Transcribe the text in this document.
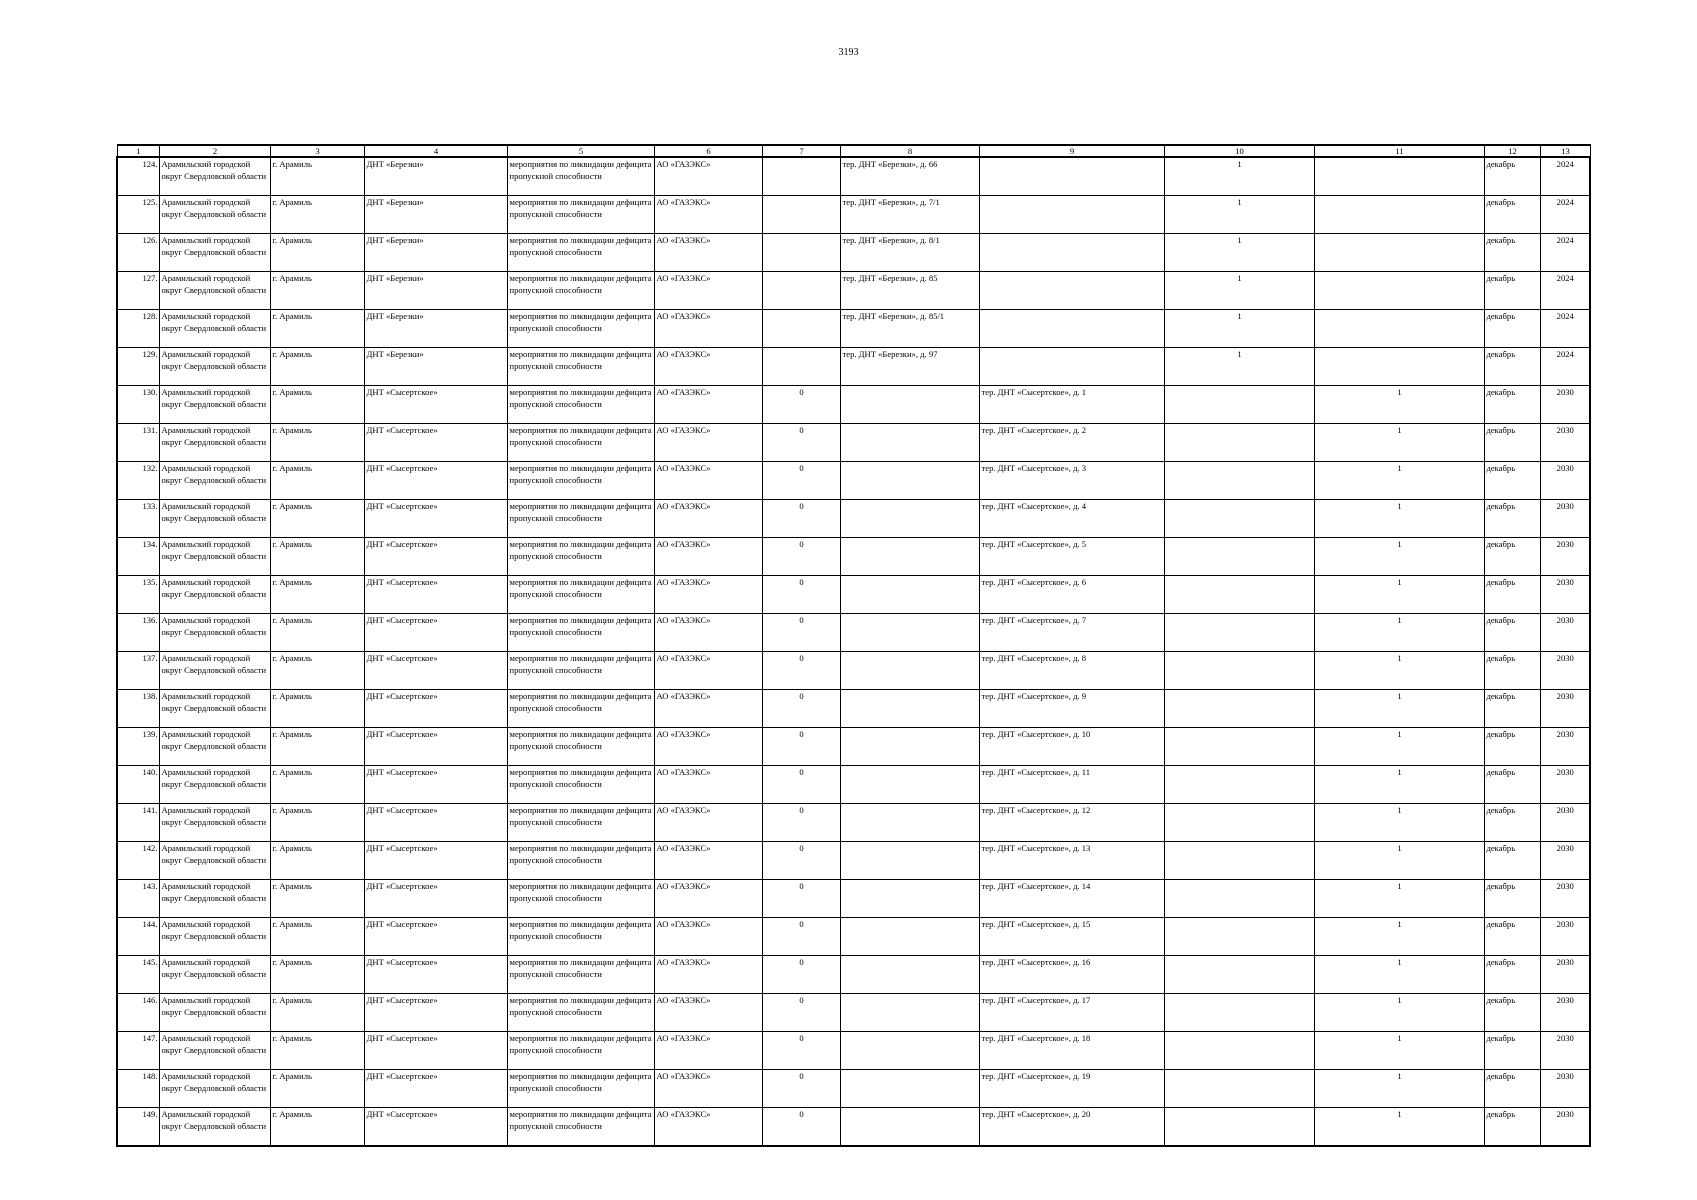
3193
1	2	3	4	5	6	7	8	9	10	11	12	13
124.	Арамильский городской округ Свердловской области	г. Арамиль	ДНТ «Березки»	мероприятия по ликвидации дефицита пропускной способности	АО «ГАЗЭКС»		тер. ДНТ «Березки», д. 66		1		декабрь	2024
125.	Арамильский городской округ Свердловской области	г. Арамиль	ДНТ «Березки»	мероприятия по ликвидации дефицита пропускной способности	АО «ГАЗЭКС»		тер. ДНТ «Березки», д. 7/1		1		декабрь	2024
126.	Арамильский городской округ Свердловской области	г. Арамиль	ДНТ «Березки»	мероприятия по ликвидации дефицита пропускной способности	АО «ГАЗЭКС»		тер. ДНТ «Березки», д. 8/1		1		декабрь	2024
127.	Арамильский городской округ Свердловской области	г. Арамиль	ДНТ «Березки»	мероприятия по ликвидации дефицита пропускной способности	АО «ГАЗЭКС»		тер. ДНТ «Березки», д. 85		1		декабрь	2024
128.	Арамильский городской округ Свердловской области	г. Арамиль	ДНТ «Березки»	мероприятия по ликвидации дефицита пропускной способности	АО «ГАЗЭКС»		тер. ДНТ «Березки», д. 85/1		1		декабрь	2024
129.	Арамильский городской округ Свердловской области	г. Арамиль	ДНТ «Березки»	мероприятия по ликвидации дефицита пропускной способности	АО «ГАЗЭКС»		тер. ДНТ «Березки», д. 97		1		декабрь	2024
130.	Арамильский городской округ Свердловской области	г. Арамиль	ДНТ «Сысертское»	мероприятия по ликвидации дефицита пропускной способности	АО «ГАЗЭКС»	0		тер. ДНТ «Сысертское», д. 1		1	декабрь	2030
131.	Арамильский городской округ Свердловской области	г. Арамиль	ДНТ «Сысертское»	мероприятия по ликвидации дефицита пропускной способности	АО «ГАЗЭКС»	0		тер. ДНТ «Сысертское», д. 2		1	декабрь	2030
132.	Арамильский городской округ Свердловской области	г. Арамиль	ДНТ «Сысертское»	мероприятия по ликвидации дефицита пропускной способности	АО «ГАЗЭКС»	0		тер. ДНТ «Сысертское», д. 3		1	декабрь	2030
133.	Арамильский городской округ Свердловской области	г. Арамиль	ДНТ «Сысертское»	мероприятия по ликвидации дефицита пропускной способности	АО «ГАЗЭКС»	0		тер. ДНТ «Сысертское», д. 4		1	декабрь	2030
134.	Арамильский городской округ Свердловской области	г. Арамиль	ДНТ «Сысертское»	мероприятия по ликвидации дефицита пропускной способности	АО «ГАЗЭКС»	0		тер. ДНТ «Сысертское», д. 5		1	декабрь	2030
135.	Арамильский городской округ Свердловской области	г. Арамиль	ДНТ «Сысертское»	мероприятия по ликвидации дефицита пропускной способности	АО «ГАЗЭКС»	0		тер. ДНТ «Сысертское», д. 6		1	декабрь	2030
136.	Арамильский городской округ Свердловской области	г. Арамиль	ДНТ «Сысертское»	мероприятия по ликвидации дефицита пропускной способности	АО «ГАЗЭКС»	0		тер. ДНТ «Сысертское», д. 7		1	декабрь	2030
137.	Арамильский городской округ Свердловской области	г. Арамиль	ДНТ «Сысертское»	мероприятия по ликвидации дефицита пропускной способности	АО «ГАЗЭКС»	0		тер. ДНТ «Сысертское», д. 8		1	декабрь	2030
138.	Арамильский городской округ Свердловской области	г. Арамиль	ДНТ «Сысертское»	мероприятия по ликвидации дефицита пропускной способности	АО «ГАЗЭКС»	0		тер. ДНТ «Сысертское», д. 9		1	декабрь	2030
139.	Арамильский городской округ Свердловской области	г. Арамиль	ДНТ «Сысертское»	мероприятия по ликвидации дефицита пропускной способности	АО «ГАЗЭКС»	0		тер. ДНТ «Сысертское», д. 10		1	декабрь	2030
140.	Арамильский городской округ Свердловской области	г. Арамиль	ДНТ «Сысертское»	мероприятия по ликвидации дефицита пропускной способности	АО «ГАЗЭКС»	0		тер. ДНТ «Сысертское», д. 11		1	декабрь	2030
141.	Арамильский городской округ Свердловской области	г. Арамиль	ДНТ «Сысертское»	мероприятия по ликвидации дефицита пропускной способности	АО «ГАЗЭКС»	0		тер. ДНТ «Сысертское», д. 12		1	декабрь	2030
142.	Арамильский городской округ Свердловской области	г. Арамиль	ДНТ «Сысертское»	мероприятия по ликвидации дефицита пропускной способности	АО «ГАЗЭКС»	0		тер. ДНТ «Сысертское», д. 13		1	декабрь	2030
143.	Арамильский городской округ Свердловской области	г. Арамиль	ДНТ «Сысертское»	мероприятия по ликвидации дефицита пропускной способности	АО «ГАЗЭКС»	0		тер. ДНТ «Сысертское», д. 14		1	декабрь	2030
144.	Арамильский городской округ Свердловской области	г. Арамиль	ДНТ «Сысертское»	мероприятия по ликвидации дефицита пропускной способности	АО «ГАЗЭКС»	0		тер. ДНТ «Сысертское», д. 15		1	декабрь	2030
145.	Арамильский городской округ Свердловской области	г. Арамиль	ДНТ «Сысертское»	мероприятия по ликвидации дефицита пропускной способности	АО «ГАЗЭКС»	0		тер. ДНТ «Сысертское», д. 16		1	декабрь	2030
146.	Арамильский городской округ Свердловской области	г. Арамиль	ДНТ «Сысертское»	мероприятия по ликвидации дефицита пропускной способности	АО «ГАЗЭКС»	0		тер. ДНТ «Сысертское», д. 17		1	декабрь	2030
147.	Арамильский городской округ Свердловской области	г. Арамиль	ДНТ «Сысертское»	мероприятия по ликвидации дефицита пропускной способности	АО «ГАЗЭКС»	0		тер. ДНТ «Сысертское», д. 18		1	декабрь	2030
148.	Арамильский городской округ Свердловской области	г. Арамиль	ДНТ «Сысертское»	мероприятия по ликвидации дефицита пропускной способности	АО «ГАЗЭКС»	0		тер. ДНТ «Сысертское», д. 19		1	декабрь	2030
149.	Арамильский городской округ Свердловской области	г. Арамиль	ДНТ «Сысертское»	мероприятия по ликвидации дефицита пропускной способности	АО «ГАЗЭКС»	0		тер. ДНТ «Сысертское», д. 20		1	декабрь	2030
